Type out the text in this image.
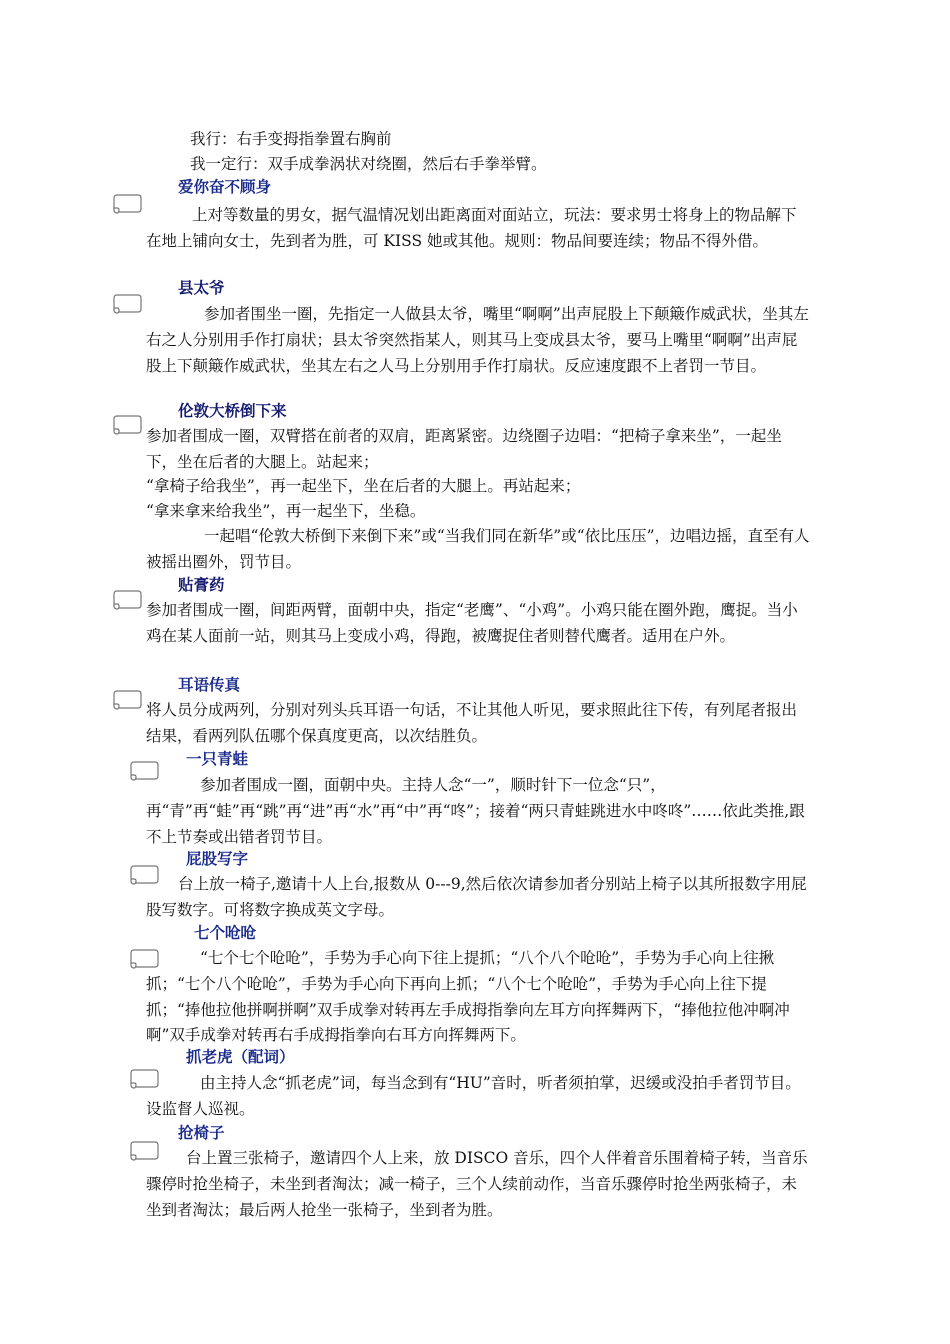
我行：右手变拇指拳置右胸前

我一定行：双手成拳涡状对绕圈，然后右手拳举臂。

爱你奋不顾身

上对等数量的男女，据气温情况划出距离面对面站立，玩法：要求男士将身上的物品解下在地上铺向女士，先到者为胜，可 KISS 她或其他。规则：物品间要连续；物品不得外借。

县太爷

参加者围坐一圈，先指定一人做县太爷，嘴里“啊啊”出声屁股上下颠簸作威武状，坐其左右之人分别用手作打扇状；县太爷突然指某人，则其马上变成县太爷，要马上嘴里“啊啊”出声屁股上下颠簸作威武状，坐其左右之人马上分别用手作打扇状。反应速度跟不上者罚一节目。

伦敦大桥倒下来

参加者围成一圈，双臂搭在前者的双肩，距离紧密。边绕圈子边唱：“把椅子拿来坐”，一起坐下，坐在后者的大腿上。站起来；

“拿椅子给我坐”，再一起坐下，坐在后者的大腿上。再站起来；

“拿来拿来给我坐”，再一起坐下，坐稳。

一起唱“伦敦大桥倒下来倒下来”或“当我们同在新华”或“依比压压”，边唱边摇，直至有人被摇出圈外，罚节目。

贴膏药

参加者围成一圈，间距两臂，面朝中央，指定“老鹰”、“小鸡”。小鸡只能在圈外跑，鹰捉。当小鸡在某人面前一站，则其马上变成小鸡，得跑，被鹰捉住者则替代鹰者。适用在户外。

耳语传真

将人员分成两列，分别对列头兵耳语一句话，不让其他人听见，要求照此往下传，有列尾者报出结果，看两列队伍哪个保真度更高，以次结胜负。

一只青蛙

参加者围成一圈，面朝中央。主持人念“一”，顺时针下一位念“只”，再“青”再“蛙”再“跳”再“进”再“水”再“中”再“咚”；接着“两只青蛙跳进水中咚咚”……依此类推,跟不上节奏或出错者罚节目。

屁股写字

台上放一椅子,邀请十人上台,报数从 0---9,然后依次请参加者分别站上椅子以其所报数字用屁股写数字。可将数字换成英文字母。

七个呛呛

“七个七个呛呛”，手势为手心向下往上提抓；“八个八个呛呛”，手势为手心向上往揪抓；“七个八个呛呛”，手势为手心向下再向上抓；“八个七个呛呛”，手势为手心向上往下提抓；“捧他拉他拼啊拼啊”双手成拳对转再左手成拇指拳向左耳方向挥舞两下，“捧他拉他冲啊冲啊”双手成拳对转再右手成拇指拳向右耳方向挥舞两下。

抓老虎（配词）

由主持人念“抓老虎”词，每当念到有“HU”音时，听者须拍掌，迟缓或没拍手者罚节目。设监督人巡视。

抢椅子

台上置三张椅子，邀请四个人上来，放 DISCO 音乐，四个人伴着音乐围着椅子转，当音乐骤停时抢坐椅子，未坐到者淘汰；减一椅子，三个人续前动作，当音乐骤停时抢坐两张椅子，未坐到者淘汰；最后两人抢坐一张椅子，坐到者为胜。
